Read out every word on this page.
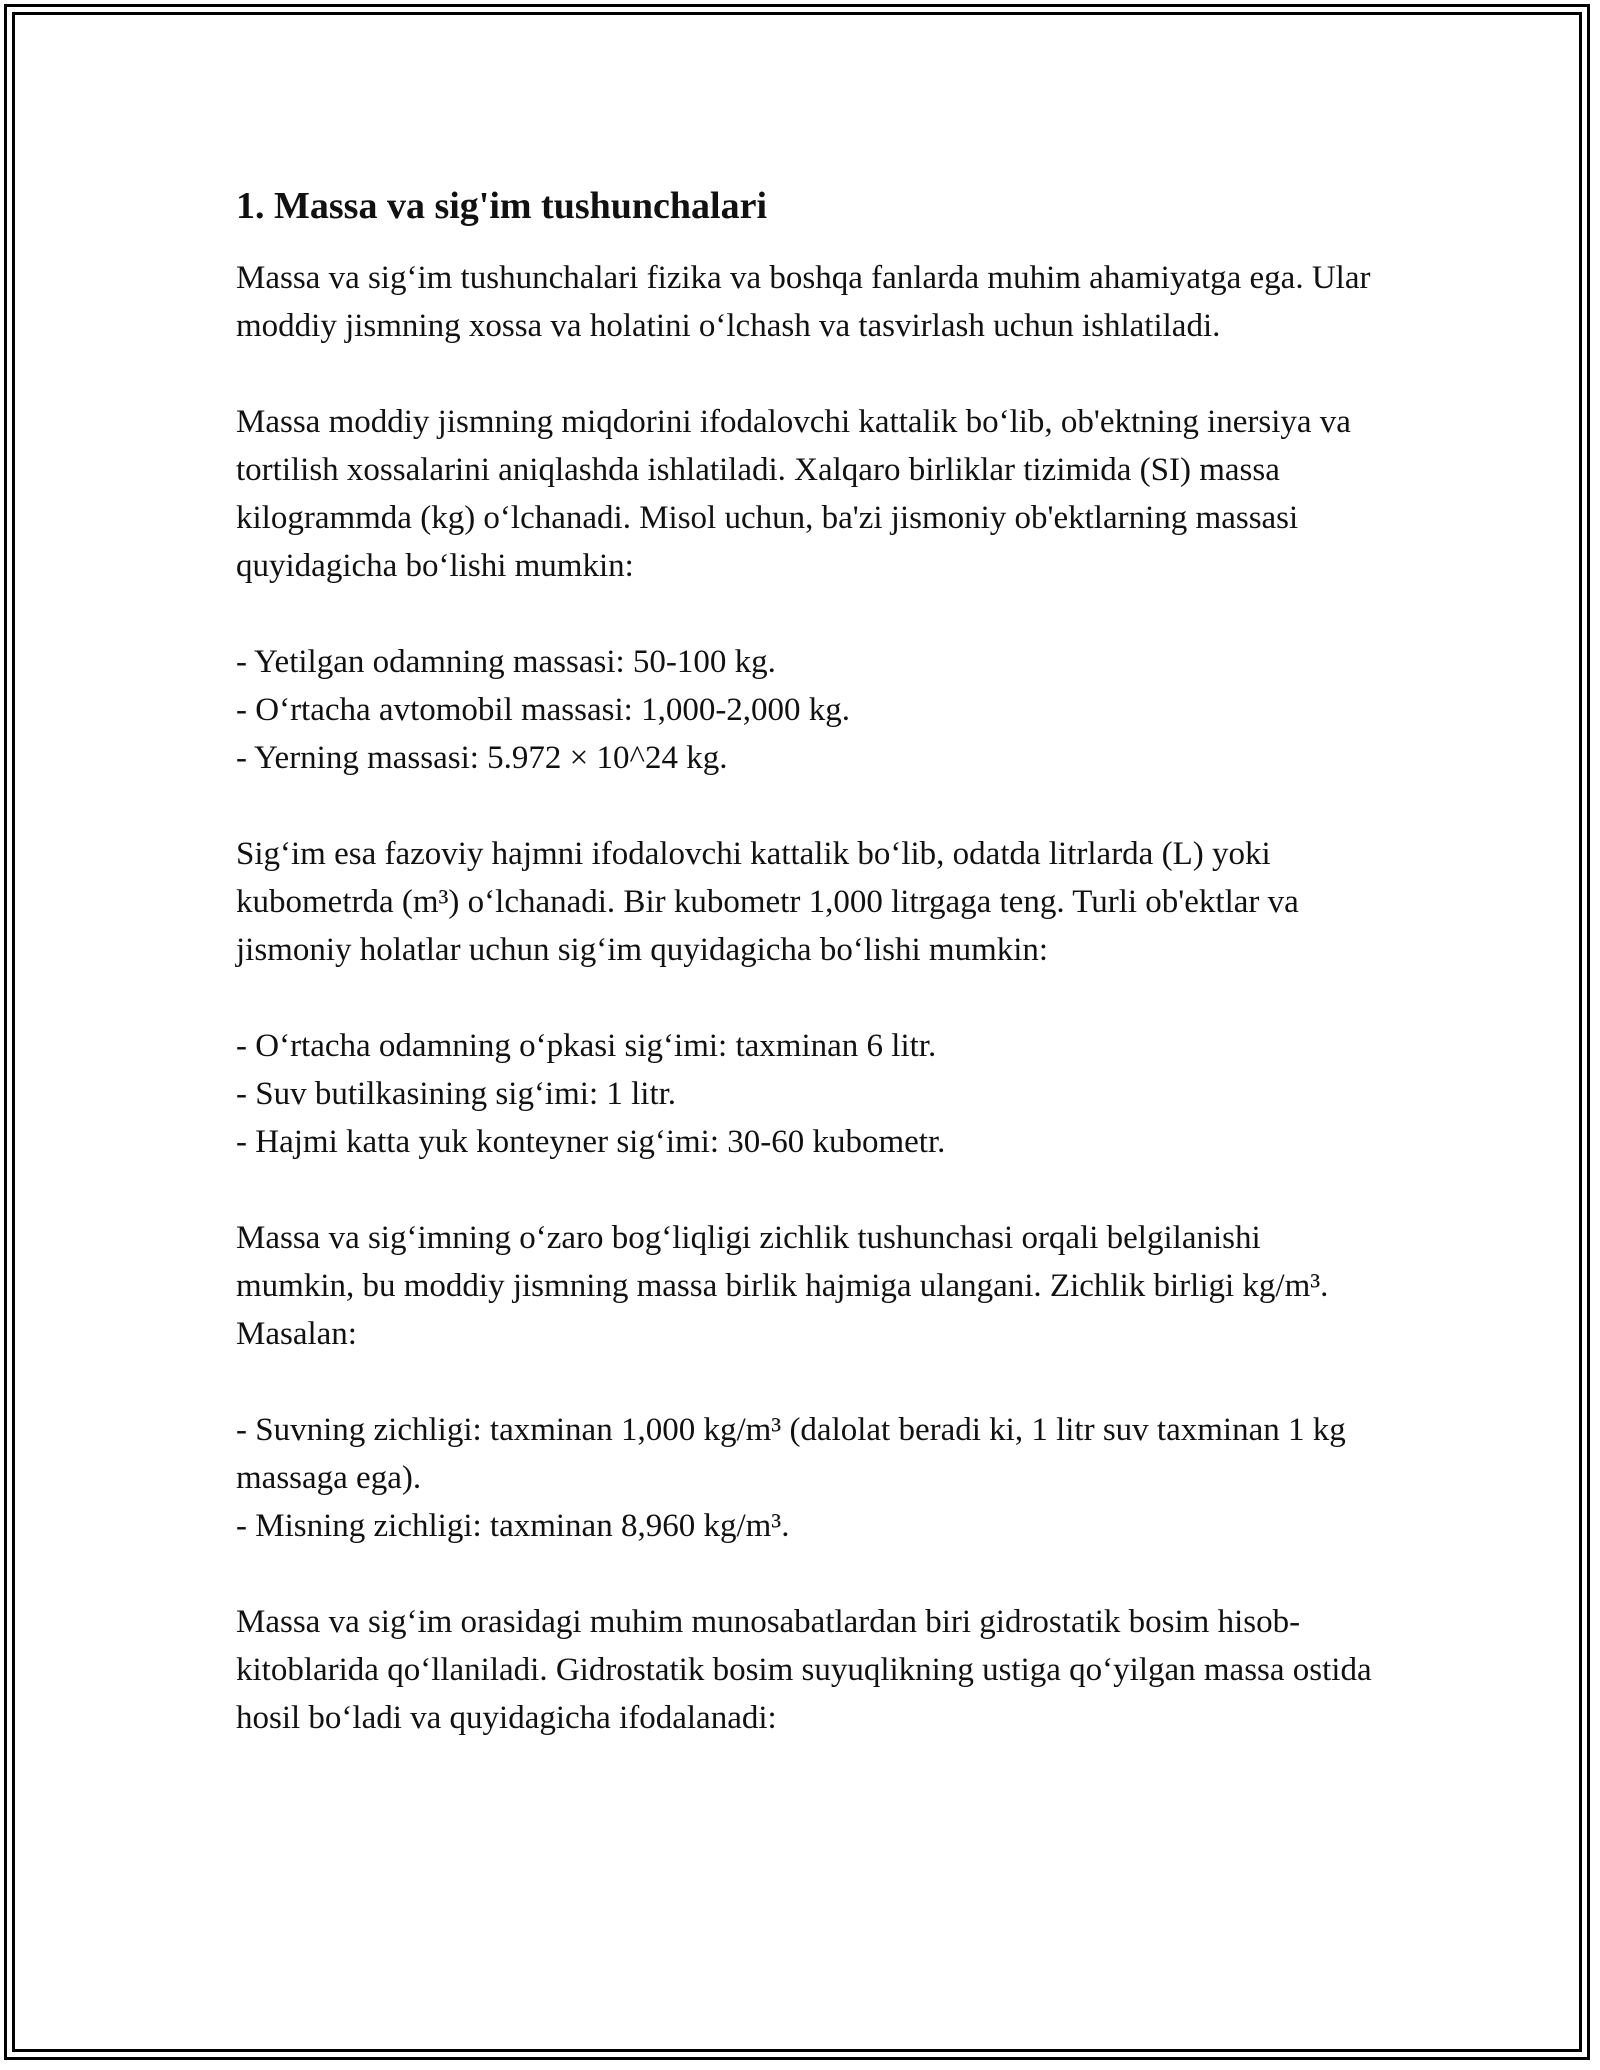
1. Massa va sig'im tushunchalari

Massa va sig‘im tushunchalari fizika va boshqa fanlarda muhim ahamiyatga ega. Ular moddiy jismning xossa va holatini o‘lchash va tasvirlash uchun ishlatiladi.

Massa moddiy jismning miqdorini ifodalovchi kattalik bo‘lib, ob'ektning inersiya va tortilish xossalarini aniqlashda ishlatiladi. Xalqaro birliklar tizimida (SI) massa kilogrammda (kg) o‘lchanadi. Misol uchun, ba'zi jismoniy ob'ektlarning massasi quyidagicha bo‘lishi mumkin:

- Yetilgan odamning massasi: 50-100 kg.
- O‘rtacha avtomobil massasi: 1,000-2,000 kg.
- Yerning massasi: 5.972 × 10^24 kg.

Sig‘im esa fazoviy hajmni ifodalovchi kattalik bo‘lib, odatda litrlarda (L) yoki kubometrda (m³) o‘lchanadi. Bir kubometr 1,000 litrgaga teng. Turli ob'ektlar va jismoniy holatlar uchun sig‘im quyidagicha bo‘lishi mumkin:

- O‘rtacha odamning o‘pkasi sig‘imi: taxminan 6 litr.
- Suv butilkasining sig‘imi: 1 litr.
- Hajmi katta yuk konteyner sig‘imi: 30-60 kubometr.

Massa va sig‘imning o‘zaro bog‘liqligi zichlik tushunchasi orqali belgilanishi mumkin, bu moddiy jismning massa birlik hajmiga ulangani. Zichlik birligi kg/m³. Masalan:

- Suvning zichligi: taxminan 1,000 kg/m³ (dalolat beradi ki, 1 litr suv taxminan 1 kg massaga ega).
- Misning zichligi: taxminan 8,960 kg/m³.

Massa va sig‘im orasidagi muhim munosabatlardan biri gidrostatik bosim hisob-kitoblarida qo‘llaniladi. Gidrostatik bosim suyuqlikning ustiga qo‘yilgan massa ostida hosil bo‘ladi va quyidagicha ifodalanadi:
